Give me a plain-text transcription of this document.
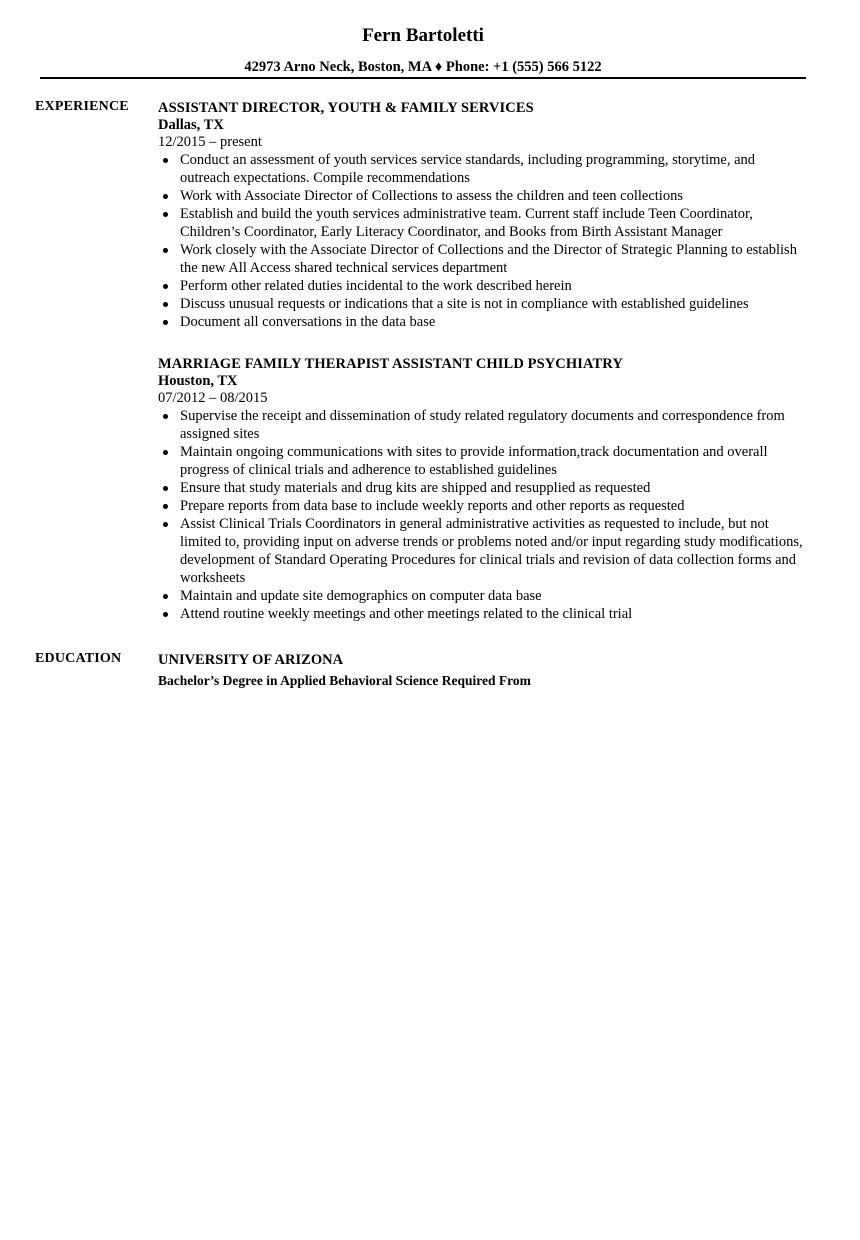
Fern Bartoletti
42973 Arno Neck, Boston, MA ♦ Phone: +1 (555) 566 5122
EXPERIENCE ASSISTANT DIRECTOR, YOUTH & FAMILY SERVICES
Dallas, TX
12/2015 – present
Conduct an assessment of youth services service standards, including programming, storytime, and outreach expectations. Compile recommendations
Work with Associate Director of Collections to assess the children and teen collections
Establish and build the youth services administrative team. Current staff include Teen Coordinator, Children’s Coordinator, Early Literacy Coordinator, and Books from Birth Assistant Manager
Work closely with the Associate Director of Collections and the Director of Strategic Planning to establish the new All Access shared technical services department
Perform other related duties incidental to the work described herein
Discuss unusual requests or indications that a site is not in compliance with established guidelines
Document all conversations in the data base
MARRIAGE FAMILY THERAPIST ASSISTANT CHILD PSYCHIATRY
Houston, TX
07/2012 – 08/2015
Supervise the receipt and dissemination of study related regulatory documents and correspondence from assigned sites
Maintain ongoing communications with sites to provide information,track documentation and overall progress of clinical trials and adherence to established guidelines
Ensure that study materials and drug kits are shipped and resupplied as requested
Prepare reports from data base to include weekly reports and other reports as requested
Assist Clinical Trials Coordinators in general administrative activities as requested to include, but not limited to, providing input on adverse trends or problems noted and/or input regarding study modifications, development of Standard Operating Procedures for clinical trials and revision of data collection forms and worksheets
Maintain and update site demographics on computer data base
Attend routine weekly meetings and other meetings related to the clinical trial
EDUCATION	UNIVERSITY OF ARIZONA
Bachelor’s Degree in Applied Behavioral Science Required From
